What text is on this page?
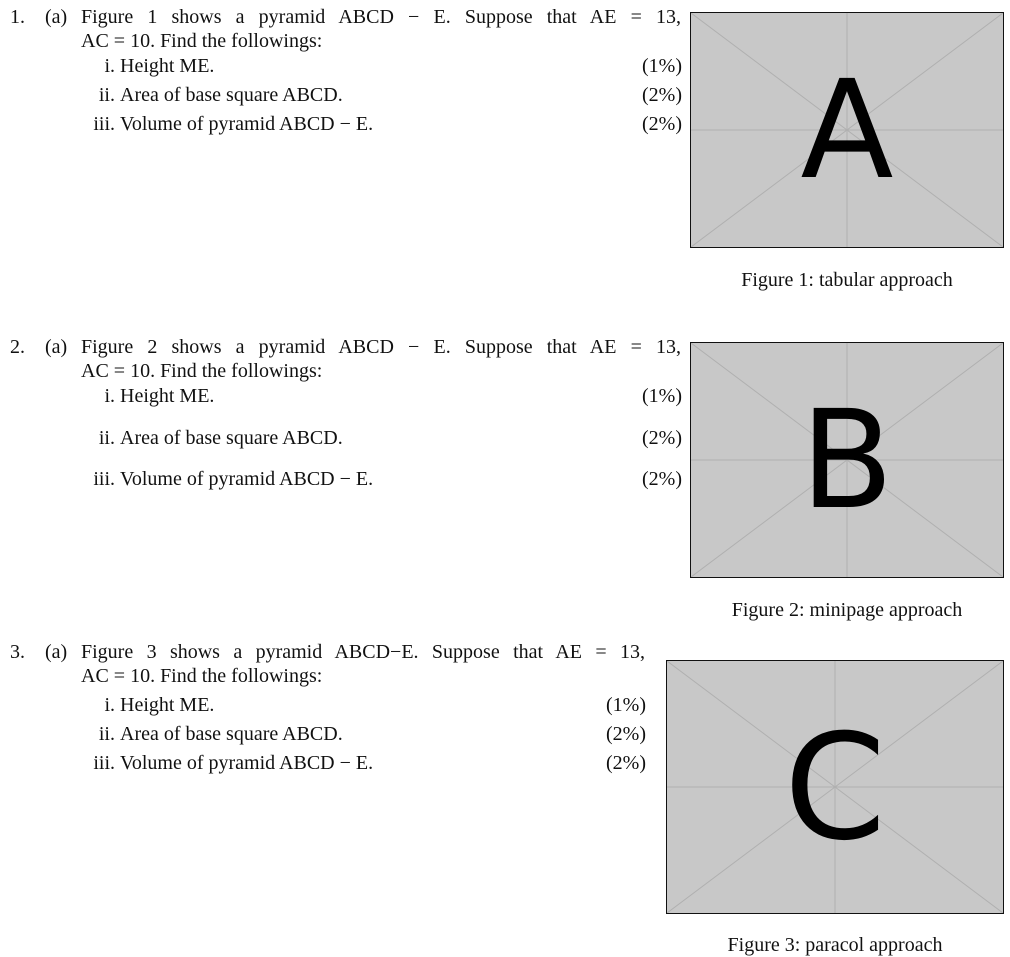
1. (a) Figure 1 shows a pyramid ABCD − E. Suppose that AE = 13,
AC = 10. Find the followings:
i. Height ME.	(1%)
ii. Area of base square ABCD.	(2%)
iii. Volume of pyramid ABCD − E.	(2%) A
Figure 1: tabular approach
2. (a) Figure 2 shows a pyramid ABCD − E. Suppose that AE = 13,
AC = 10. Find the followings:
i. Height ME.	(1%)
ii. Area of base square ABCD.	(2%)
iii. Volume of pyramid ABCD − E.	(2%) B
Figure 2: minipage approach
3. (a) Figure 3 shows a pyramid ABCD−E. Suppose that AE = 13,
AC = 10. Find the followings:
i. Height ME.	(1%)
ii. Area of base square ABCD.	(2%)
iii. Volume of pyramid ABCD − E.	(2%) C
Figure 3: paracol approach
